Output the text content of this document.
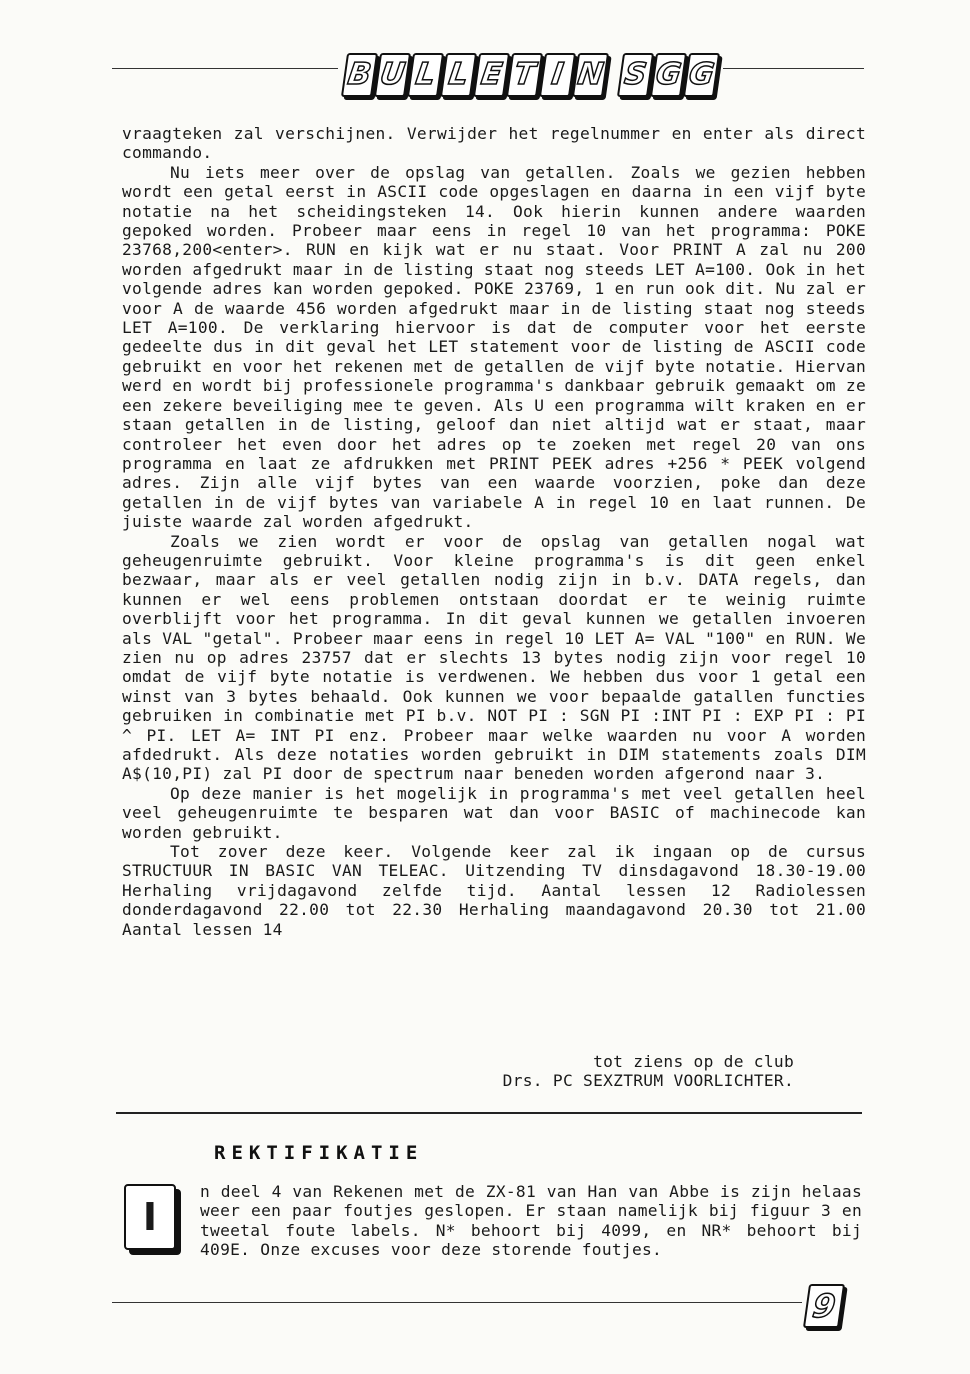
B U L L E T I N S G G

vraagteken zal verschijnen. Verwijder het regelnummer en enter als direct commando.

Nu iets meer over de opslag van getallen. Zoals we gezien hebben wordt een getal eerst in ASCII code opgeslagen en daarna in een vijf byte notatie na het scheidingsteken 14. Ook hierin kunnen andere waarden gepoked worden. Probeer maar eens in regel 10 van het programma: POKE 23768,200<enter>. RUN en kijk wat er nu staat. Voor PRINT A zal nu 200 worden afgedrukt maar in de listing staat nog steeds LET A=100. Ook in het volgende adres kan worden gepoked. POKE 23769, 1 en run ook dit. Nu zal er voor A de waarde 456 worden afgedrukt maar in de listing staat nog steeds LET A=100. De verklaring hiervoor is dat de computer voor het eerste gedeelte dus in dit geval het LET statement voor de listing de ASCII code gebruikt en voor het rekenen met de getallen de vijf byte notatie. Hiervan werd en wordt bij professionele programma's dankbaar gebruik gemaakt om ze een zekere beveiliging mee te geven. Als U een programma wilt kraken en er staan getallen in de listing, geloof dan niet altijd wat er staat, maar controleer het even door het adres op te zoeken met regel 20 van ons programma en laat ze afdrukken met PRINT PEEK adres +256 * PEEK volgend adres. Zijn alle vijf bytes van een waarde voorzien, poke dan deze getallen in de vijf bytes van variabele A in regel 10 en laat runnen. De juiste waarde zal worden afgedrukt.

Zoals we zien wordt er voor de opslag van getallen nogal wat geheugenruimte gebruikt. Voor kleine programma's is dit geen enkel bezwaar, maar als er veel getallen nodig zijn in b.v. DATA regels, dan kunnen er wel eens problemen ontstaan doordat er te weinig ruimte overblijft voor het programma. In dit geval kunnen we getallen invoeren als VAL "getal". Probeer maar eens in regel 10 LET A= VAL "100" en RUN. We zien nu op adres 23757 dat er slechts 13 bytes nodig zijn voor regel 10 omdat de vijf byte notatie is verdwenen. We hebben dus voor 1 getal een winst van 3 bytes behaald. Ook kunnen we voor bepaalde gatallen functies gebruiken in combinatie met PI b.v. NOT PI : SGN PI :INT PI : EXP PI : PI ^ PI. LET A= INT PI enz. Probeer maar welke waarden nu voor A worden afdedrukt. Als deze notaties worden gebruikt in DIM statements zoals DIM A$(10,PI) zal PI door de spectrum naar beneden worden afgerond naar 3.

Op deze manier is het mogelijk in programma's met veel getallen heel veel geheugenruimte te besparen wat dan voor BASIC of machinecode kan worden gebruikt.

Tot zover deze keer. Volgende keer zal ik ingaan op de cursus STRUCTUUR IN BASIC VAN TELEAC. Uitzending TV dinsdagavond 18.30-19.00 Herhaling vrijdagavond zelfde tijd. Aantal lessen 12 Radiolessen donderdagavond 22.00 tot 22.30 Herhaling maandagavond 20.30 tot 21.00 Aantal lessen 14

tot ziens op de club
Drs. PC SEXZTRUM VOORLICHTER.
REKTIFIKATIE
n deel 4 van Rekenen met de ZX-81 van Han van Abbe is zijn helaas weer een paar foutjes geslopen. Er staan namelijk bij figuur 3 en tweetal foute labels. N* behoort bij 4099, en NR* behoort bij 409E. Onze excuses voor deze storende foutjes.
I
9
